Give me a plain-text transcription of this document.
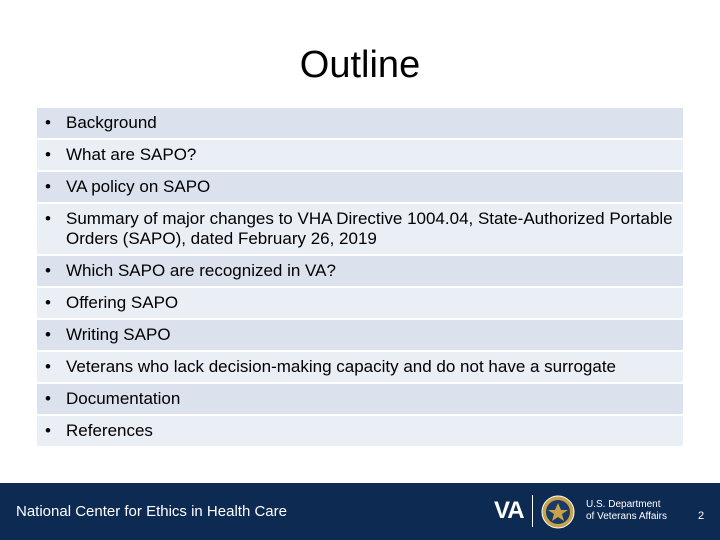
Outline
• Background
• What are SAPO?
• VA policy on SAPO
• Summary of major changes to VHA Directive 1004.04, State-Authorized Portable Orders (SAPO), dated February 26, 2019
• Which SAPO are recognized in VA?
• Offering SAPO
• Writing SAPO
• Veterans who lack decision-making capacity and do not have a surrogate
• Documentation
• References
National Center for Ethics in Health Care	VA	U.S. Department
of Veterans Affairs	2
